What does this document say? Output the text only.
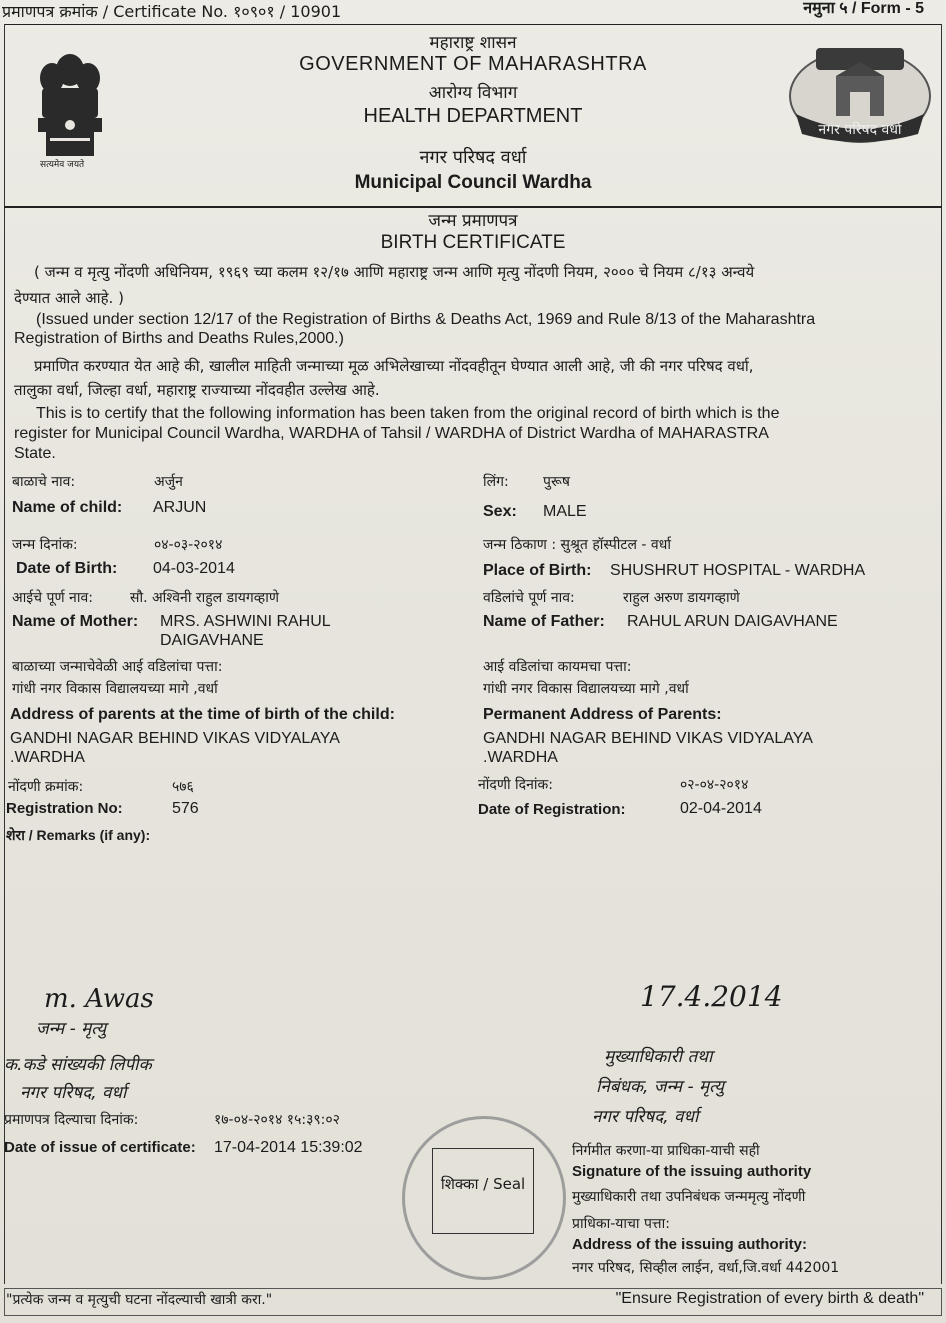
प्रमाणपत्र क्रमांक / Certificate No. १०९०१ / 10901	नमुना ५ / Form - 5
सत्यमेव जयते
महाराष्ट्र शासन
GOVERNMENT OF MAHARASHTRA
आरोग्य विभाग
HEALTH DEPARTMENT
नगर परिषद वर्धा
Municipal Council Wardha
नगर परिषद वर्धा
जन्म प्रमाणपत्र
BIRTH CERTIFICATE
( जन्म व मृत्यु नोंदणी अधिनियम, १९६९ च्या कलम १२/१७ आणि महाराष्ट्र जन्म आणि मृत्यु नोंदणी नियम, २००० चे नियम ८/१३ अन्वये
देण्यात आले आहे. )
(Issued under section 12/17 of the Registration of Births & Deaths Act, 1969 and Rule 8/13 of the Maharashtra
Registration of Births and Deaths Rules,2000.)
प्रमाणित करण्यात येत आहे की, खालील माहिती जन्माच्या मूळ अभिलेखाच्या नोंदवहीतून घेण्यात आली आहे, जी की नगर परिषद वर्धा,
तालुका वर्धा, जिल्हा वर्धा, महाराष्ट्र राज्याच्या नोंदवहीत उल्लेख आहे.
This is to certify that the following information has been taken from the original record of birth which is the
register for Municipal Council Wardha, WARDHA of Tahsil / WARDHA of District Wardha of MAHARASTRA
State.
बाळाचे नाव:	अर्जुन
Name of child: ARJUN
लिंग: पुरूष
Sex: MALE
जन्म दिनांक:	०४-०३-२०१४
Date of Birth: 04-03-2014
जन्म ठिकाण : सुश्रूत हॉस्पीटल - वर्धा
Place of Birth: SHUSHRUT HOSPITAL - WARDHA
आईचे पूर्ण नाव:	सौ. अश्विनी राहुल डायगव्हाणे
Name of Mother: MRS. ASHWINI RAHUL
DAIGAVHANE
वडिलांचे पूर्ण नाव:	राहुल अरुण डायगव्हाणे
Name of Father: RAHUL ARUN DAIGAVHANE
बाळाच्या जन्माचेवेळी आई वडिलांचा पत्ता:
गांधी नगर विकास विद्यालयच्या मागे ,वर्धा
Address of parents at the time of birth of the child:
GANDHI NAGAR BEHIND VIKAS VIDYALAYA
.WARDHA
आई वडिलांचा कायमचा पत्ता:
गांधी नगर विकास विद्यालयच्या मागे ,वर्धा
Permanent Address of Parents:
GANDHI NAGAR BEHIND VIKAS VIDYALAYA
.WARDHA
नोंदणी क्रमांक:	५७६
Registration No:	576
नोंदणी दिनांक:	०२-०४-२०१४
Date of Registration:	02-04-2014
शेरा / Remarks (if any):
m. Awas
जन्म - मृत्यु
क.कडे सांख्यकी लिपीक
नगर परिषद, वर्धा
17.4.2014
मुख्याधिकारी तथा
निबंधक, जन्म - मृत्यु
नगर परिषद, वर्धा
प्रमाणपत्र दिल्याचा दिनांक:	१७-०४-२०१४ १५:३९:०२
Date of issue of certificate: 17-04-2014 15:39:02
शिक्का / Seal
निर्गमीत करणा-या प्राधिका-याची सही
Signature of the issuing authority
मुख्याधिकारी तथा उपनिबंधक जन्ममृत्यु नोंदणी
प्राधिका-याचा पत्ता:
Address of the issuing authority:
नगर परिषद, सिव्हील लाईन, वर्धा,जि.वर्धा 442001
"प्रत्येक जन्म व मृत्युची घटना नोंदल्याची खात्री करा."	"Ensure Registration of every birth & death"
